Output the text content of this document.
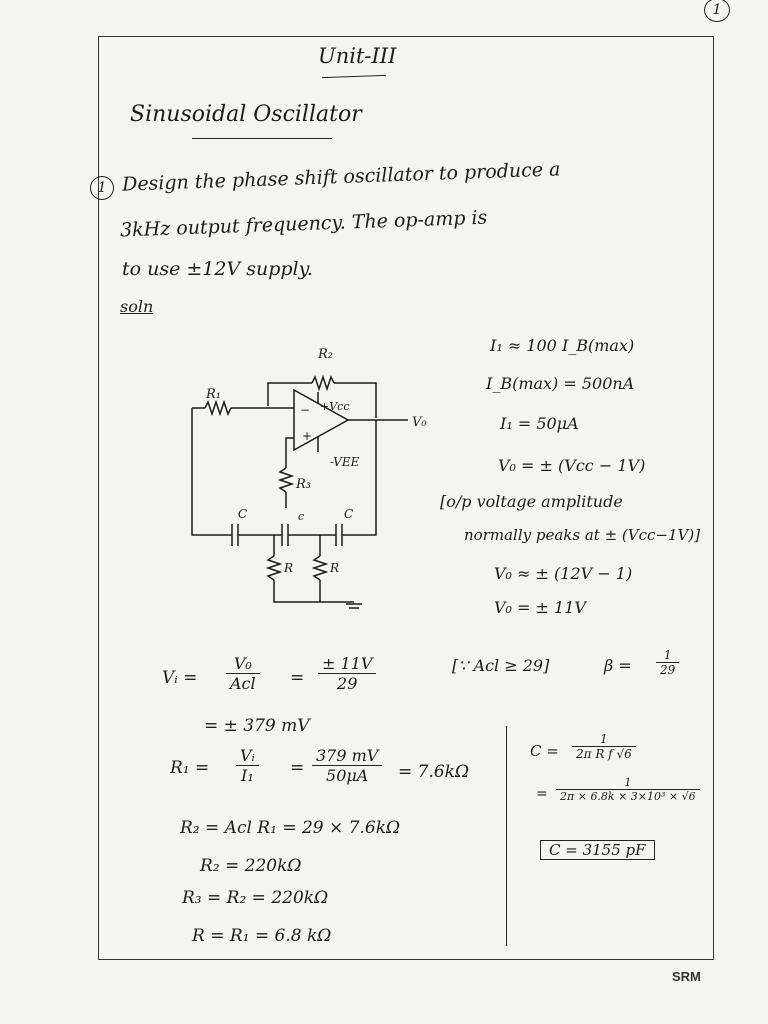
1
Unit-III
Sinusoidal Oscillator
1 Design the phase shift oscillator to produce a
3kHz output frequency. The op-amp is
to use ±12V supply.
soln
R₂
R₁
R₃
+Vcc
-VEE
V₀
−
+
C	c	C
R	R
I₁ ≈ 100 I_B(max)
I_B(max) = 500nA
I₁ = 50μA
V₀ = ± (Vcc − 1V)
[o/p voltage amplitude
normally peaks at ± (Vcc−1V)]
V₀ ≈ ± (12V − 1)
V₀ = ± 11V
Vᵢ =
V₀
Acl = $\frac{\pm 11V}{29}$	[∵ Acl ≥ 29]	$\beta = \frac{1}{29}$
= ± 379 mV
$R_1 = \frac{\text{Vᵢ}}{\text{I₁}} = \frac{379 mV}{50\mu A} = 7.6k\Omega$
R₂ = Acl R₁ = 29 × 7.6kΩ
R₂ = 220kΩ
R₃ = R₂ = 220kΩ
R = R₁ = 6.8 kΩ
$C = \frac{1}{\text{2π R f √6}}$
= $\frac{1}{\text{2π × 6.8k × 3×10³ × √6}}$
C = 3155 pF
SRM
